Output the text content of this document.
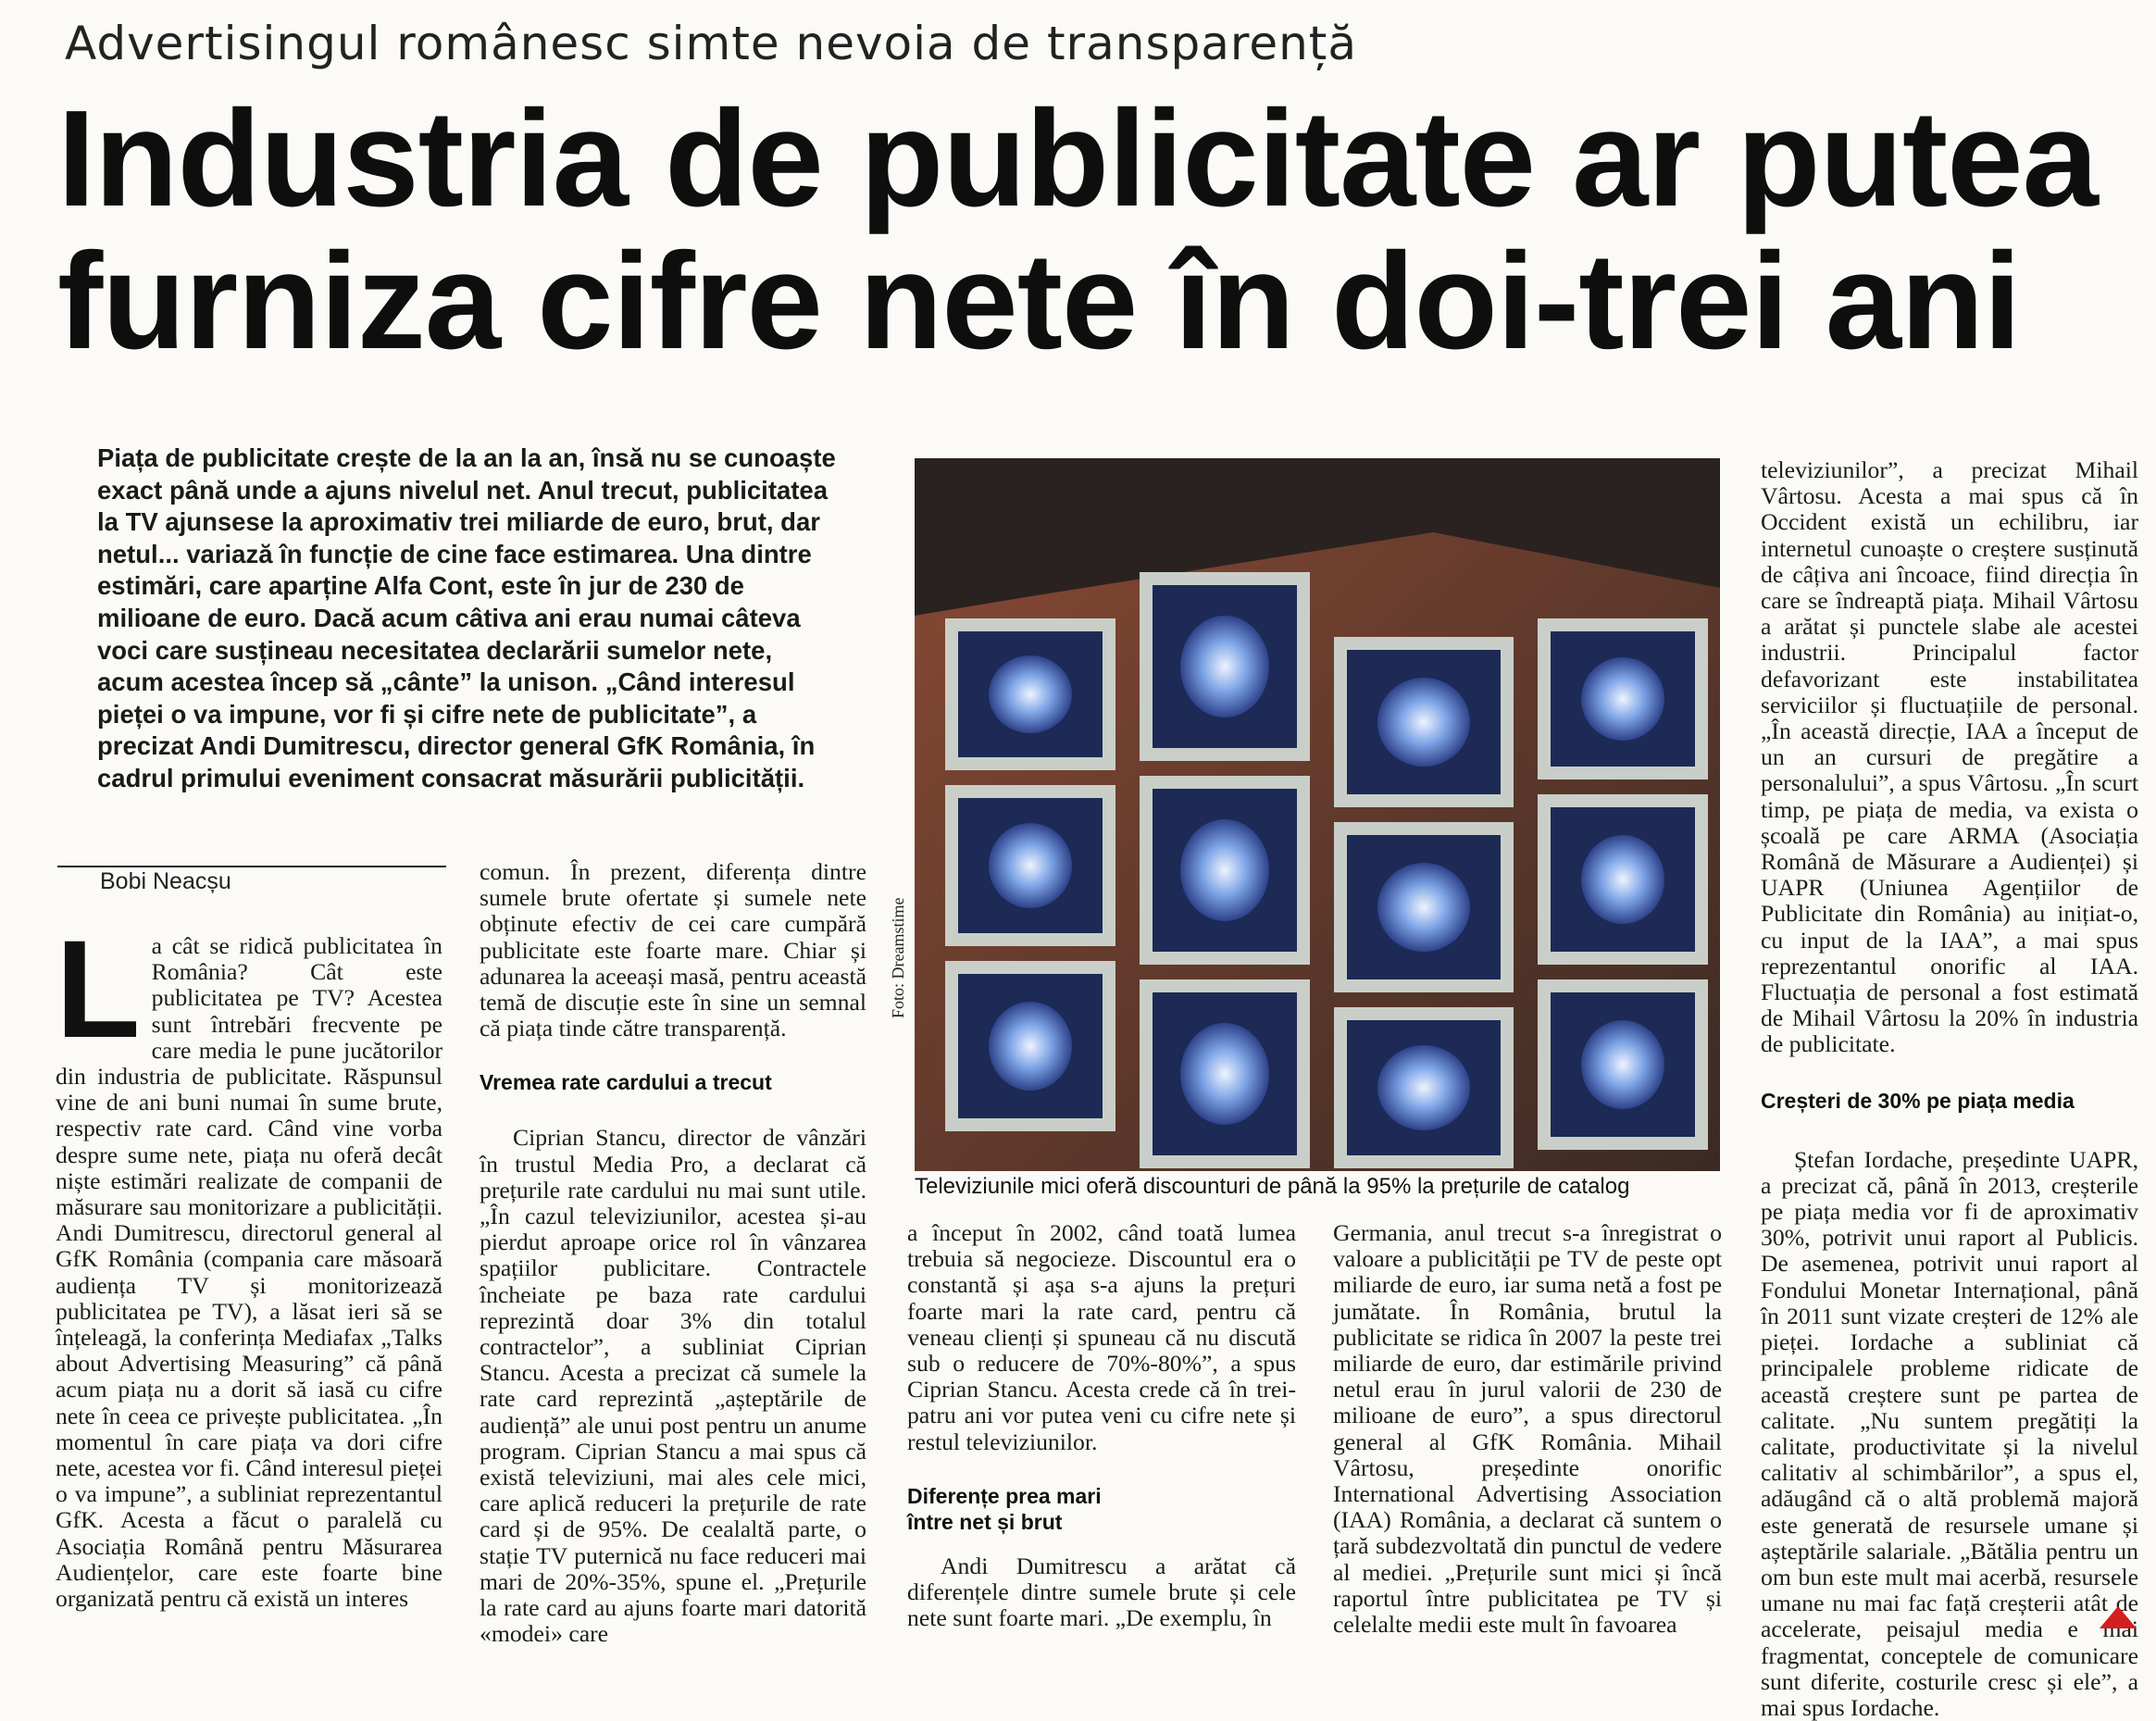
Advertisingul românesc simte nevoia de transparență
Industria de publicitate ar putea
furniza cifre nete în doi-trei ani
Piața de publicitate crește de la an la an, însă nu se cunoaște exact până unde a ajuns nivelul net. Anul trecut, publicitatea la TV ajunsese la aproximativ trei miliarde de euro, brut, dar netul... variază în funcție de cine face estimarea. Una dintre estimări, care aparține Alfa Cont, este în jur de 230 de milioane de euro. Dacă acum câtiva ani erau numai câteva voci care susțineau necesitatea declarării sumelor nete, acum acestea încep să „cânte” la unison. „Când interesul pieței o va impune, vor fi și cifre nete de publicitate”, a precizat Andi Dumitrescu, director general GfK România, în cadrul primului eveniment consacrat măsurării publicității.
Bobi Neacșu
L a cât se ridică publicitatea în România? Cât este publicitatea pe TV? Acestea sunt întrebări frecvente pe care media le pune jucătorilor din industria de publicitate. Răspunsul vine de ani buni numai în sume brute, respectiv rate card. Când vine vorba despre sume nete, piața nu oferă decât niște estimări realizate de companii de măsurare sau monitorizare a publicității. Andi Dumitrescu, directorul general al GfK România (compania care măsoară audiența TV și monitorizează publicitatea pe TV), a lăsat ieri să se înțeleagă, la conferința Mediafax „Talks about Advertising Measuring” că până acum piața nu a dorit să iasă cu cifre nete în ceea ce privește publicitatea. „În momentul în care piața va dori cifre nete, acestea vor fi. Când interesul pieței o va impune”, a subliniat reprezentantul GfK. Acesta a făcut o paralelă cu Asociația Română pentru Măsurarea Audiențelor, care este foarte bine organizată pentru că există un interes

comun. În prezent, diferența dintre sumele brute ofertate și sumele nete obținute efectiv de cei care cumpără publicitate este foarte mare. Chiar și adunarea la aceeași masă, pentru această temă de discuție este în sine un semnal că piața tinde către transparență.

Vremea rate cardului a trecut

Ciprian Stancu, director de vânzări în trustul Media Pro, a declarat că prețurile rate cardului nu mai sunt utile. „În cazul televiziunilor, acestea și-au pierdut aproape orice rol în vânzarea spațiilor publicitare. Contractele încheiate pe baza rate cardului reprezintă doar 3% din totalul contractelor”, a subliniat Ciprian Stancu. Acesta a precizat că sumele la rate card reprezintă „așteptările de audiență” ale unui post pentru un anume program. Ciprian Stancu a mai spus că există televiziuni, mai ales cele mici, care aplică reduceri la prețurile de rate card și de 95%. De cealaltă parte, o stație TV puternică nu face reduceri mai mari de 20%-35%, spune el. „Prețurile la rate card au ajuns foarte mari datorită «modei» care

Foto: Dreamstime
Televiziunile mici oferă discounturi de până la 95% la prețurile de catalog

televiziunilor”, a precizat Mihail Vârtosu. Acesta a mai spus că în Occident există un echilibru, iar internetul cunoaște o creștere susținută de câțiva ani încoace, fiind direcția în care se îndreaptă piața. Mihail Vârtosu a arătat și punctele slabe ale acestei industrii. Principalul factor defavorizant este instabilitatea serviciilor și fluctuațiile de personal. „În această direcție, IAA a început de un an cursuri de pregătire a personalului”, a spus Vârtosu. „În scurt timp, pe piața de media, va exista o școală pe care ARMA (Asociația Română de Măsurare a Audienței) și UAPR (Uniunea Agențiilor de Publicitate din România) au inițiat-o, cu input de la IAA”, a mai spus reprezentantul onorific al IAA. Fluctuația de personal a fost estimată de Mihail Vârtosu la 20% în industria de publicitate.

Creșteri de 30% pe piața media

Ștefan Iordache, președinte UAPR, a precizat că, până în 2013, creșterile pe piața media vor fi de aproximativ 30%, potrivit unui raport al Publicis. De asemenea, potrivit unui raport al Fondului Monetar Internațional, până în 2011 sunt vizate creșteri de 12% ale pieței. Iordache a subliniat că principalele probleme ridicate de această creștere sunt pe partea de calitate. „Nu suntem pregătiți la calitate, productivitate și la nivelul calitativ al schimbărilor”, a spus el, adăugând că o altă problemă majoră este generată de resursele umane și așteptările salariale. „Bătălia pentru un om bun este mult mai acerbă, resursele umane nu mai fac față creșterii atât de accelerate, peisajul media e mai fragmentat, conceptele de comunicare sunt diferite, costurile cresc și ele”, a mai spus Iordache.

a început în 2002, când toată lumea trebuia să negocieze. Discountul era o constantă și așa s-a ajuns la prețuri foarte mari la rate card, pentru că veneau clienți și spuneau că nu discută sub o reducere de 70%-80%”, a spus Ciprian Stancu. Acesta crede că în trei-patru ani vor putea veni cu cifre nete și restul televiziunilor.

Diferențe prea mari între net și brut

Andi Dumitrescu a arătat că diferențele dintre sumele brute și cele nete sunt foarte mari. „De exemplu, în

Germania, anul trecut s-a înregistrat o valoare a publicității pe TV de peste opt miliarde de euro, iar suma netă a fost pe jumătate. În România, brutul la publicitate se ridica în 2007 la peste trei miliarde de euro, dar estimările privind netul erau în jurul valorii de 230 de milioane de euro”, a spus directorul general al GfK România. Mihail Vârtosu, președinte onorific International Advertising Association (IAA) România, a declarat că suntem o țară subdezvoltată din punctul de vedere al mediei. „Prețurile sunt mici și încă raportul între publicitatea pe TV și celelalte medii este mult în favoarea
